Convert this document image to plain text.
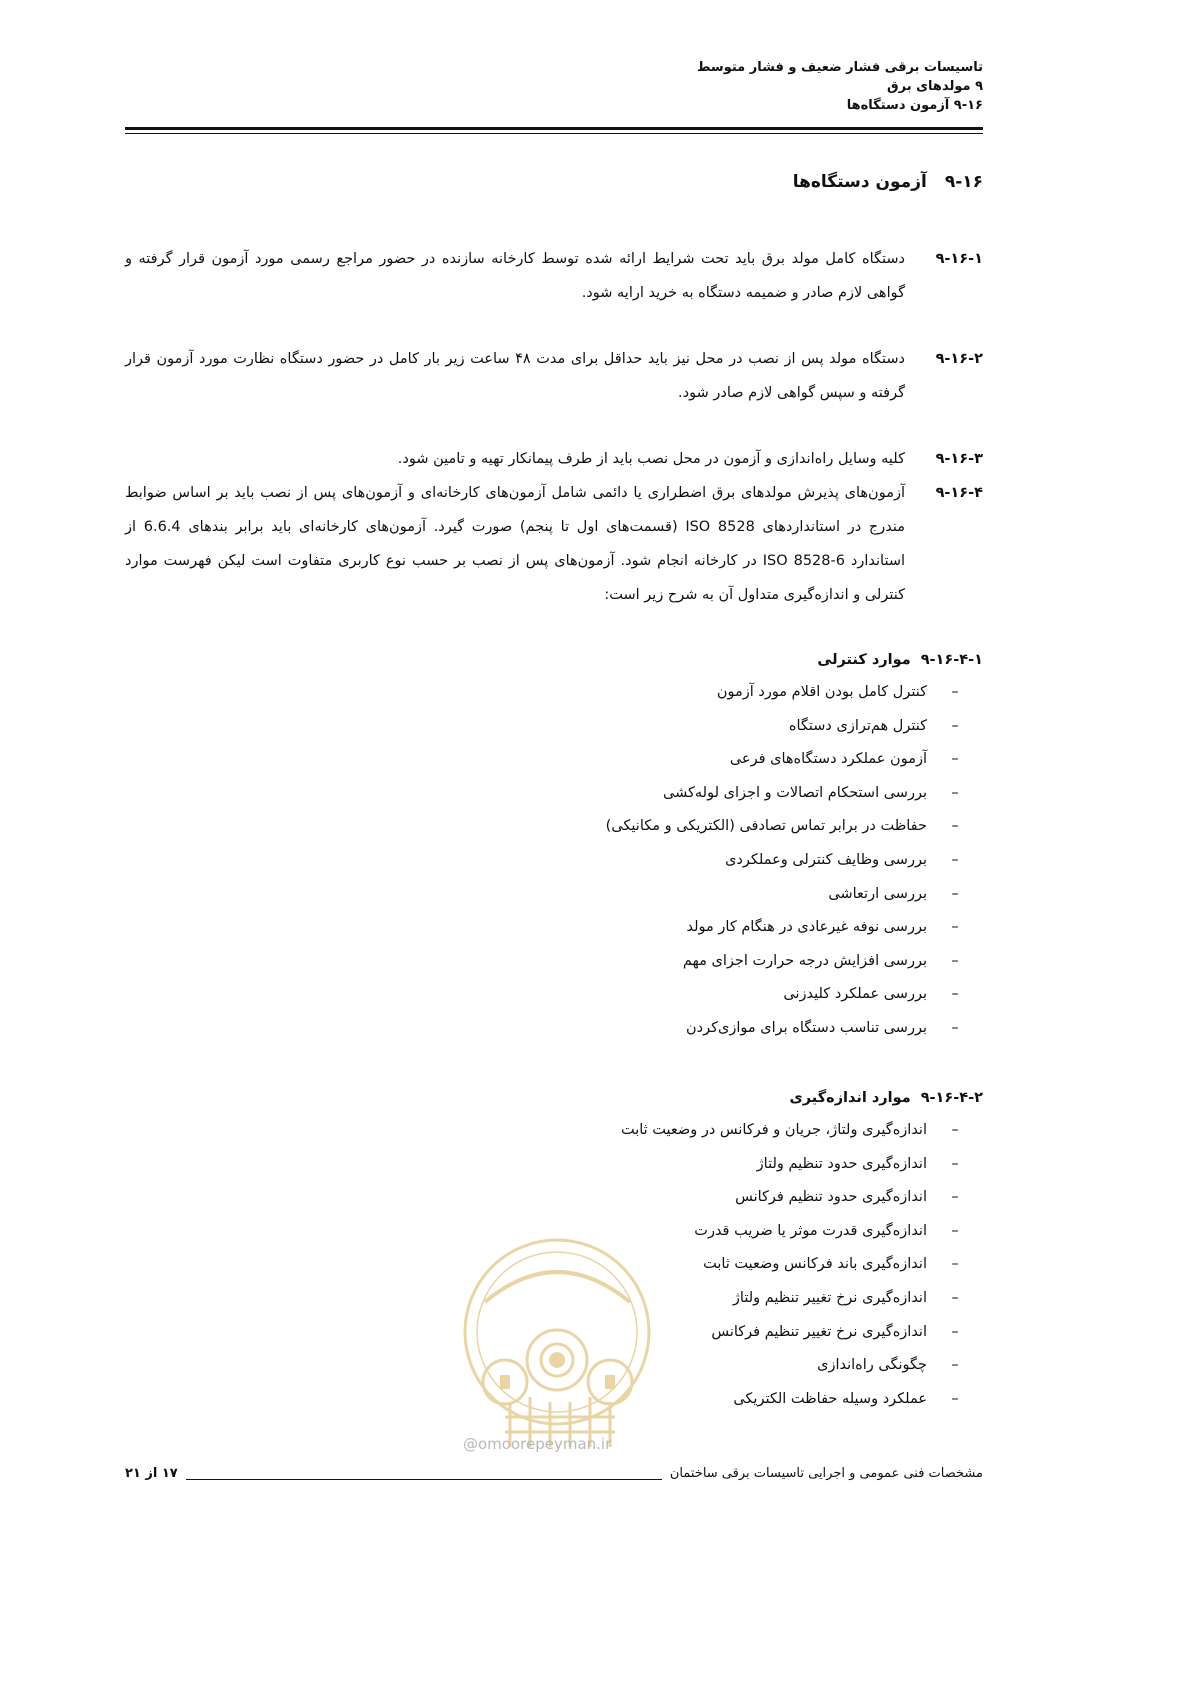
تاسیسات برقی فشار ضعیف و فشار متوسط
۹ مولدهای برق
۹-۱۶ آزمون دستگاه‌ها
۹-۱۶
آزمون دستگاه‌ها
۹-۱۶-۱
دستگاه کامل مولد برق باید تحت شرایط ارائه شده توسط کارخانه سازنده در حضور مراجع رسمی مورد آزمون قرار گرفته و گواهی لازم صادر و ضمیمه دستگاه به خرید ارایه شود.
۹-۱۶-۲
دستگاه مولد پس از نصب در محل نیز باید حداقل برای مدت ۴۸ ساعت زیر بار کامل در حضور دستگاه نظارت مورد آزمون قرار گرفته و سپس گواهی لازم صادر شود.
۹-۱۶-۳
کلیه وسایل راه‌اندازی و آزمون در محل نصب باید از طرف پیمانکار تهیه و تامین شود.
۹-۱۶-۴
آزمون‌های پذیرش مولدهای برق اضطراری یا دائمی شامل آزمون‌های کارخانه‌ای و آزمون‌های پس از نصب باید بر اساس ضوابط مندرج در استانداردهای ISO 8528 (قسمت‌های اول تا پنجم) صورت گیرد. آزمون‌های کارخانه‌ای باید برابر بندهای 6.6.4 از استاندارد ISO 8528-6 در کارخانه انجام شود. آزمون‌های پس از نصب بر حسب نوع کاربری متفاوت است لیکن فهرست موارد کنترلی و اندازه‌گیری متداول آن به شرح زیر است:
۹-۱۶-۴-۱
موارد کنترلی
–
کنترل کامل بودن اقلام مورد آزمون
–
کنترل هم‌ترازی دستگاه
–
آزمون عملکرد دستگاه‌های فرعی
–
بررسی استحکام اتصالات و اجزای لوله‌کشی
–
حفاظت در برابر تماس تصادفی (الکتریکی و مکانیکی)
–
بررسی وظایف کنترلی وعملکردی
–
بررسی ارتعاشی
–
بررسی نوفه غیرعادی در هنگام کار مولد
–
بررسی افزایش درجه حرارت اجزای مهم
–
بررسی عملکرد کلیدزنی
–
بررسی تناسب دستگاه برای موازی‌کردن
۹-۱۶-۴-۲
موارد اندازه‌گیری
–
اندازه‌گیری ولتاژ، جریان و فرکانس در وضعیت ثابت
–
اندازه‌گیری حدود تنظیم ولتاژ
–
اندازه‌گیری حدود تنظیم فرکانس
–
اندازه‌گیری قدرت موثر یا ضریب قدرت
–
اندازه‌گیری باند فرکانس وضعیت ثابت
–
اندازه‌گیری نرخ تغییر تنظیم ولتاژ
–
اندازه‌گیری نرخ تغییر تنظیم فرکانس
–
چگونگی راه‌اندازی
–
عملکرد وسیله حفاظت الکتریکی
@omoorepeyman.ir
مشخصات فنی عمومی و اجرایی تاسیسات برقی ساختمان
۱۷ از ۲۱
